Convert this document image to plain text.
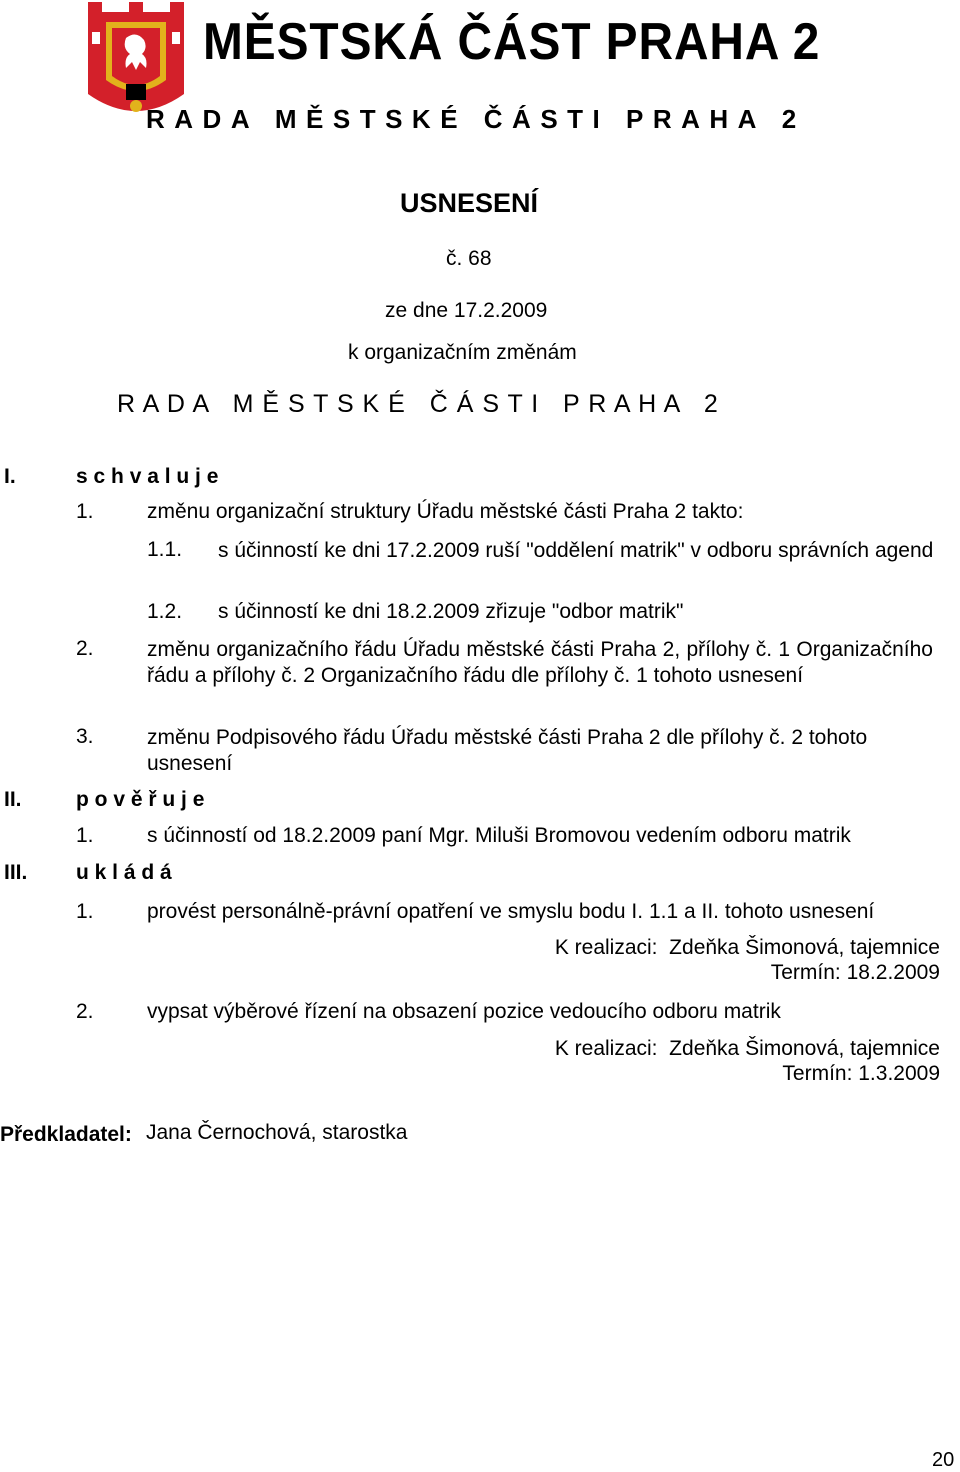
MĚSTSKÁ ČÁST PRAHA 2
RADA MĚSTSKÉ ČÁSTI PRAHA 2
USNESENÍ
č. 68
ze dne 17.2.2009
k organizačním změnám
R A D A   M Ě S T S K É   Č Á S T I   P R A H A   2
I.	s c h v a l u j e
1.	změnu organizační struktury Úřadu městské části Praha 2 takto:
1.1. s účinností ke dni 17.2.2009 ruší "oddělení matrik" v odboru správních agend
1.2. s účinností ke dni 18.2.2009 zřizuje "odbor matrik"
2.	změnu organizačního řádu Úřadu městské části Praha 2, přílohy č. 1 Organizačního řádu a přílohy č. 2 Organizačního řádu dle přílohy č. 1 tohoto usnesení
3.	změnu Podpisového řádu Úřadu městské části Praha 2 dle přílohy č. 2 tohoto usnesení
II.	p o v ě ř u j e
1.	s účinností od 18.2.2009 paní Mgr. Miluši Bromovou vedením odboru matrik
III. u k l á d á
1.	provést personálně-právní opatření ve smyslu bodu I. 1.1 a II. tohoto usnesení
K realizaci:  Zdeňka Šimonová, tajemnice
Termín: 18.2.2009
2.	vypsat výběrové řízení na obsazení pozice vedoucího odboru matrik
K realizaci:  Zdeňka Šimonová, tajemnice
Termín: 1.3.2009
Předkladatel: Jana Černochová, starostka
20
